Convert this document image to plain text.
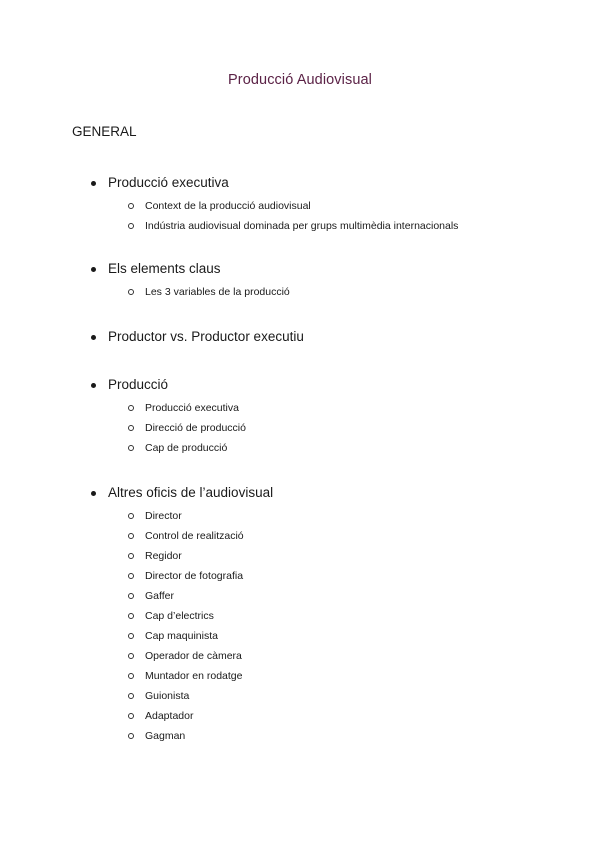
Producció Audiovisual
GENERAL
Producció executiva
Context de la producció audiovisual
Indústria audiovisual dominada per grups multimèdia internacionals
Els elements claus
Les 3 variables de la producció
Productor vs. Productor executiu
Producció
Producció executiva
Direcció de producció
Cap de producció
Altres oficis de l’audiovisual
Director
Control de realització
Regidor
Director de fotografia
Gaffer
Cap d’electrics
Cap maquinista
Operador de càmera
Muntador en rodatge
Guionista
Adaptador
Gagman
